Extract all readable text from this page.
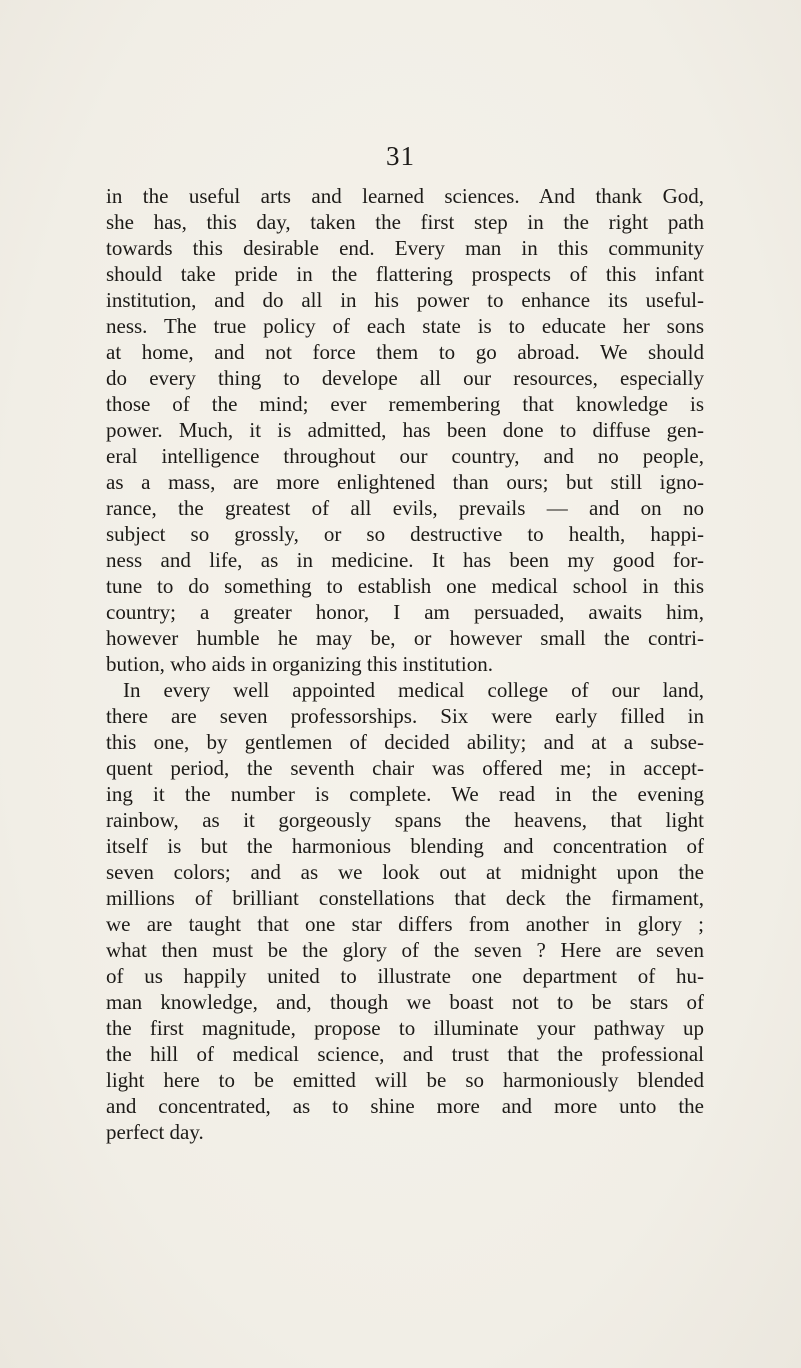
31
in the useful arts and learned sciences. And thank God,
she has, this day, taken the first step in the right path
towards this desirable end. Every man in this community
should take pride in the flattering prospects of this infant
institution, and do all in his power to enhance its useful-
ness. The true policy of each state is to educate her sons
at home, and not force them to go abroad. We should
do every thing to develope all our resources, especially
those of the mind; ever remembering that knowledge is
power. Much, it is admitted, has been done to diffuse gen-
eral intelligence throughout our country, and no people,
as a mass, are more enlightened than ours; but still igno-
rance, the greatest of all evils, prevails — and on no
subject so grossly, or so destructive to health, happi-
ness and life, as in medicine. It has been my good for-
tune to do something to establish one medical school in this
country; a greater honor, I am persuaded, awaits him,
however humble he may be, or however small the contri-
bution, who aids in organizing this institution.
In every well appointed medical college of our land,
there are seven professorships. Six were early filled in
this one, by gentlemen of decided ability; and at a subse-
quent period, the seventh chair was offered me; in accept-
ing it the number is complete. We read in the evening
rainbow, as it gorgeously spans the heavens, that light
itself is but the harmonious blending and concentration of
seven colors; and as we look out at midnight upon the
millions of brilliant constellations that deck the firmament,
we are taught that one star differs from another in glory ;
what then must be the glory of the seven ? Here are seven
of us happily united to illustrate one department of hu-
man knowledge, and, though we boast not to be stars of
the first magnitude, propose to illuminate your pathway up
the hill of medical science, and trust that the professional
light here to be emitted will be so harmoniously blended
and concentrated, as to shine more and more unto the
perfect day.
